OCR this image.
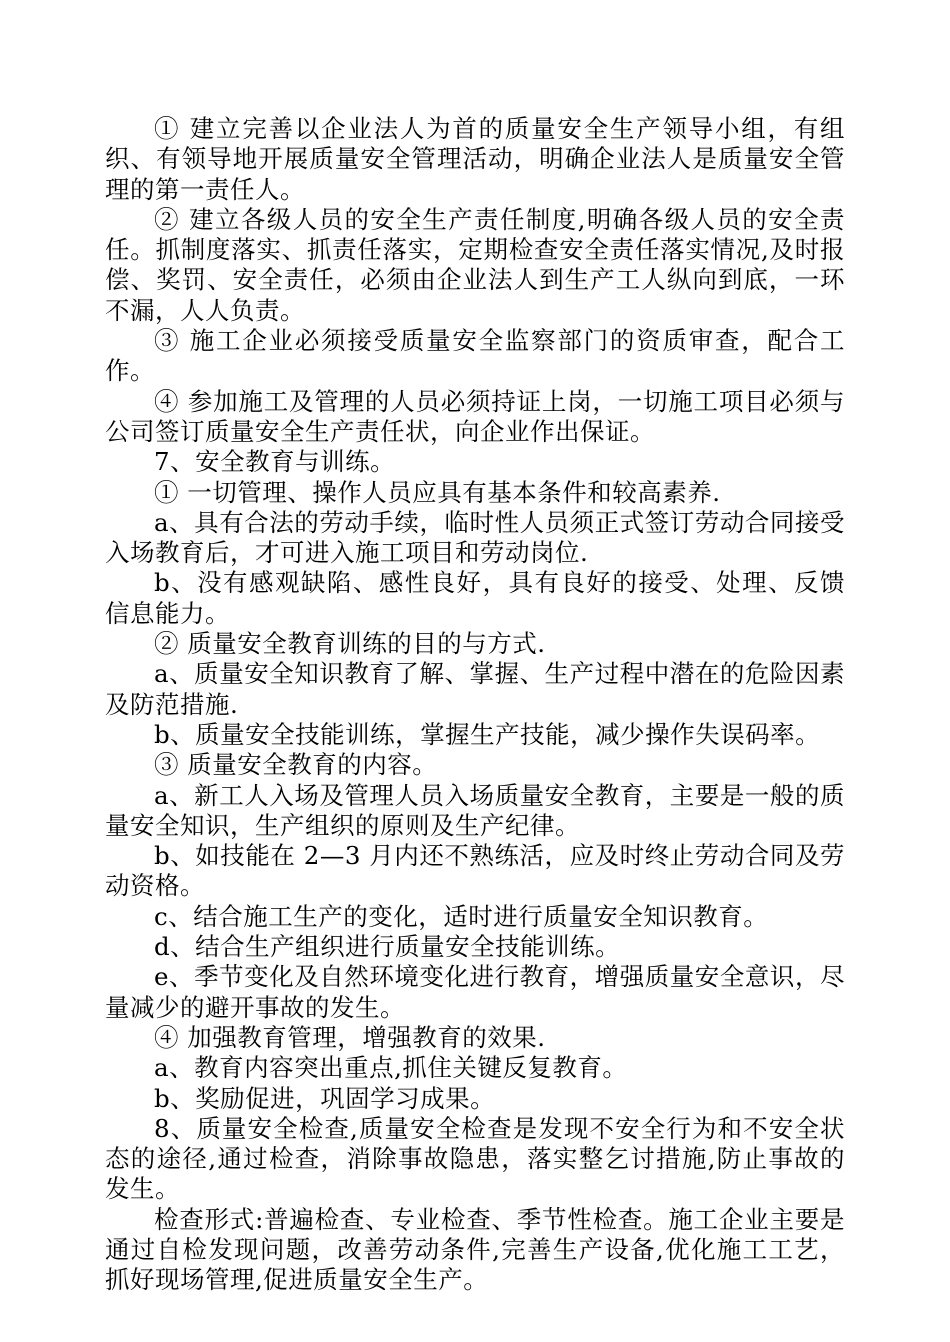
① 建立完善以企业法人为首的质量安全生产领导小组，有组织、有领导地开展质量安全管理活动，明确企业法人是质量安全管理的第一责任人。

② 建立各级人员的安全生产责任制度,明确各级人员的安全责任。抓制度落实、抓责任落实，定期检查安全责任落实情况,及时报偿、奖罚、安全责任，必须由企业法人到生产工人纵向到底，一环不漏，人人负责。

③ 施工企业必须接受质量安全监察部门的资质审查，配合工作。

④ 参加施工及管理的人员必须持证上岗，一切施工项目必须与公司签订质量安全生产责任状，向企业作出保证。

7、安全教育与训练。

① 一切管理、操作人员应具有基本条件和较高素养.

a、具有合法的劳动手续，临时性人员须正式签订劳动合同接受入场教育后，才可进入施工项目和劳动岗位.

b、没有感观缺陷、感性良好，具有良好的接受、处理、反馈信息能力。

② 质量安全教育训练的目的与方式.

a、质量安全知识教育了解、掌握、生产过程中潜在的危险因素及防范措施.

b、质量安全技能训练，掌握生产技能，减少操作失误码率。

③ 质量安全教育的内容。

a、新工人入场及管理人员入场质量安全教育，主要是一般的质量安全知识，生产组织的原则及生产纪律。

b、如技能在 2—3 月内还不熟练活，应及时终止劳动合同及劳动资格。

c、结合施工生产的变化，适时进行质量安全知识教育。

d、结合生产组织进行质量安全技能训练。

e、季节变化及自然环境变化进行教育，增强质量安全意识，尽量减少的避开事故的发生。

④ 加强教育管理，增强教育的效果.

a、教育内容突出重点,抓住关键反复教育。

b、奖励促进，巩固学习成果。

8、质量安全检查,质量安全检查是发现不安全行为和不安全状态的途径,通过检查，消除事故隐患，落实整乞讨措施,防止事故的发生。

检查形式:普遍检查、专业检查、季节性检查。施工企业主要是通过自检发现问题，改善劳动条件,完善生产设备,优化施工工艺，抓好现场管理,促进质量安全生产。
